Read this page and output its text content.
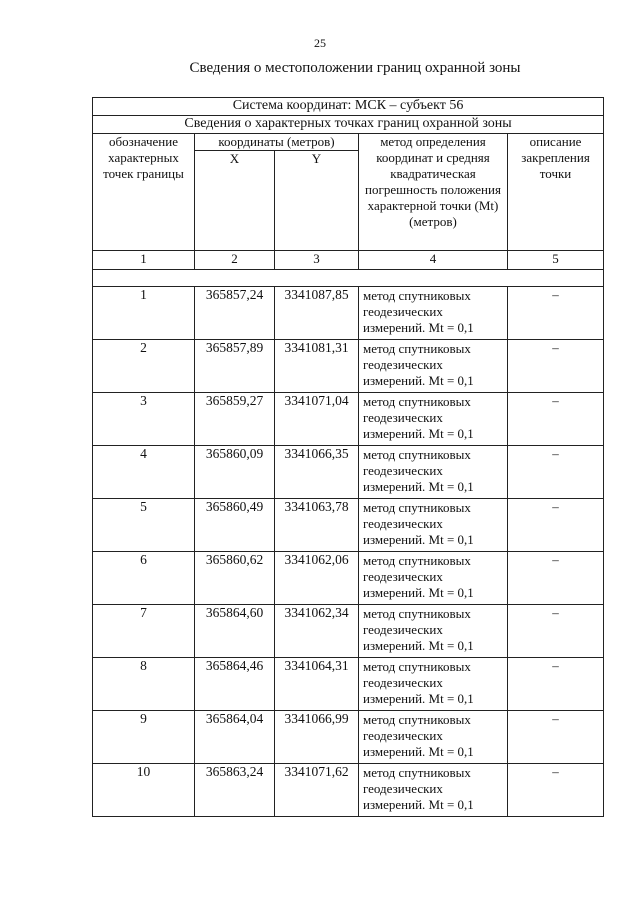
25
Сведения о местоположении границ охранной зоны
Система координат: МСК – субъект 56				
Сведения о характерных точках границ охранной зоны				
обозначение характерных точек границы	координаты (метров)		метод определения координат и средняя квадратическая погрешность положения характерной точки (Mt) (метров)	описание закрепления точки
	X	Y		
1	2	3	4	5

1	365857,24	3341087,85	метод спутниковых геодезических измерений. Mt = 0,1	–
2	365857,89	3341081,31	метод спутниковых геодезических измерений. Mt = 0,1	–
3	365859,27	3341071,04	метод спутниковых геодезических измерений. Mt = 0,1	–
4	365860,09	3341066,35	метод спутниковых геодезических измерений. Mt = 0,1	–
5	365860,49	3341063,78	метод спутниковых геодезических измерений. Mt = 0,1	–
6	365860,62	3341062,06	метод спутниковых геодезических измерений. Mt = 0,1	–
7	365864,60	3341062,34	метод спутниковых геодезических измерений. Mt = 0,1	–
8	365864,46	3341064,31	метод спутниковых геодезических измерений. Mt = 0,1	–
9	365864,04	3341066,99	метод спутниковых геодезических измерений. Mt = 0,1	–
10	365863,24	3341071,62	метод спутниковых геодезических измерений. Mt = 0,1	–
